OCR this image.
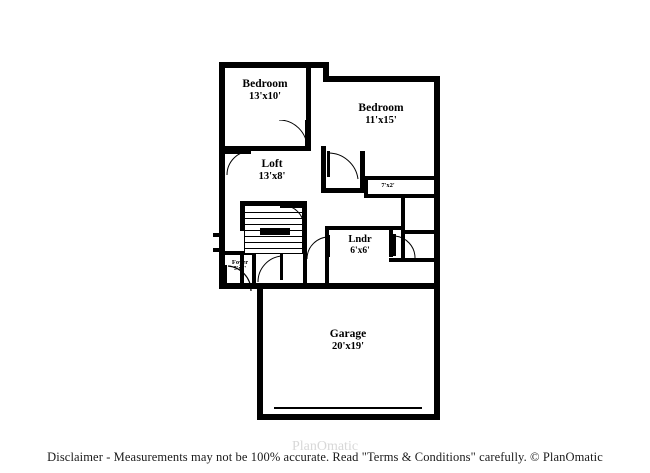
Bedroom
13'x10'
Bedroom
11'x15'
Loft
13'x8'
7'x2'
Lndr
6'x6'
Foyer
5'x7'
Garage
20'x19'
PlanOmatic
Disclaimer - Measurements may not be 100% accurate. Read "Terms & Conditions" carefully. © PlanOmatic
